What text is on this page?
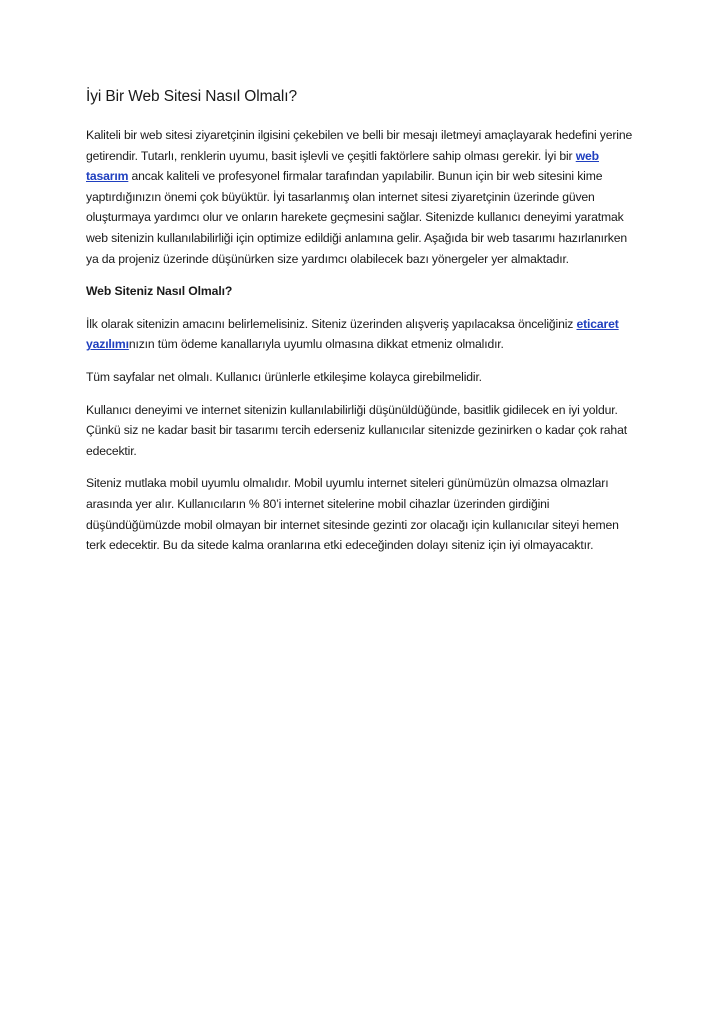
İyi Bir Web Sitesi Nasıl Olmalı?

Kaliteli bir web sitesi ziyaretçinin ilgisini çekebilen ve belli bir mesajı iletmeyi amaçlayarak hedefini yerine getirendir. Tutarlı, renklerin uyumu, basit işlevli ve çeşitli faktörlere sahip olması gerekir. İyi bir web tasarım ancak kaliteli ve profesyonel firmalar tarafından yapılabilir. Bunun için bir web sitesini kime yaptırdığınızın önemi çok büyüktür. İyi tasarlanmış olan internet sitesi ziyaretçinin üzerinde güven oluşturmaya yardımcı olur ve onların harekete geçmesini sağlar. Sitenizde kullanıcı deneyimi yaratmak web sitenizin kullanılabilirliği için optimize edildiği anlamına gelir. Aşağıda bir web tasarımı hazırlanırken ya da projeniz üzerinde düşünürken size yardımcı olabilecek bazı yönergeler yer almaktadır.

Web Siteniz Nasıl Olmalı?

İlk olarak sitenizin amacını belirlemelisiniz. Siteniz üzerinden alışveriş yapılacaksa önceliğiniz eticaret yazılımınızın tüm ödeme kanallarıyla uyumlu olmasına dikkat etmeniz olmalıdır.

Tüm sayfalar net olmalı. Kullanıcı ürünlerle etkileşime kolayca girebilmelidir.

Kullanıcı deneyimi ve internet sitenizin kullanılabilirliği düşünüldüğünde, basitlik gidilecek en iyi yoldur. Çünkü siz ne kadar basit bir tasarımı tercih ederseniz kullanıcılar sitenizde gezinirken o kadar çok rahat edecektir.

Siteniz mutlaka mobil uyumlu olmalıdır. Mobil uyumlu internet siteleri günümüzün olmazsa olmazları arasında yer alır. Kullanıcıların % 80’i internet sitelerine mobil cihazlar üzerinden girdiğini düşündüğümüzde mobil olmayan bir internet sitesinde gezinti zor olacağı için kullanıcılar siteyi hemen terk edecektir. Bu da sitede kalma oranlarına etki edeceğinden dolayı siteniz için iyi olmayacaktır.
